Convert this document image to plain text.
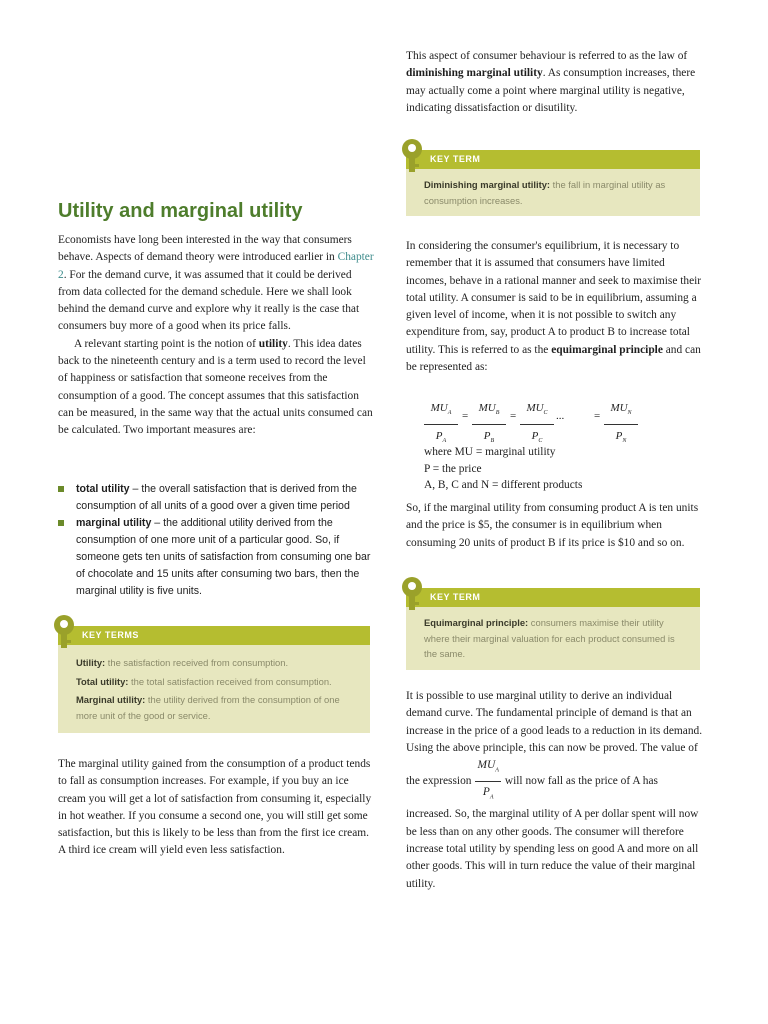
This aspect of consumer behaviour is referred to as the law of diminishing marginal utility. As consumption increases, there may actually come a point where marginal utility is negative, indicating dissatisfaction or disutility.

KEY TERM

Diminishing marginal utility: the fall in marginal utility as consumption increases.

Utility and marginal utility

Economists have long been interested in the way that consumers behave. Aspects of demand theory were introduced earlier in Chapter 2. For the demand curve, it was assumed that it could be derived from data collected for the demand schedule. Here we shall look behind the demand curve and explore why it really is the case that consumers buy more of a good when its price falls.

A relevant starting point is the notion of utility. This idea dates back to the nineteenth century and is a term used to record the level of happiness or satisfaction that someone receives from the consumption of a good. The concept assumes that this satisfaction can be measured, in the same way that the actual units consumed can be calculated. Two important measures are:

total utility – the overall satisfaction that is derived from the consumption of all units of a good over a given time period
marginal utility – the additional utility derived from the consumption of one more unit of a particular good. So, if someone gets ten units of satisfaction from consuming one bar of chocolate and 15 units after consuming two bars, then the marginal utility is five units.
KEY TERMS

Utility: the satisfaction received from consumption.

Total utility: the total satisfaction received from consumption.

Marginal utility: the utility derived from the consumption of one more unit of the good or service.

The marginal utility gained from the consumption of a product tends to fall as consumption increases. For example, if you buy an ice cream you will get a lot of satisfaction from consuming it, especially in hot weather. If you consume a second one, you will still get some satisfaction, but this is likely to be less than from the first ice cream. A third ice cream will yield even less satisfaction.

In considering the consumer's equilibrium, it is necessary to remember that it is assumed that consumers have limited incomes, behave in a rational manner and seek to maximise their total utility. A consumer is said to be in equilibrium, assuming a given level of income, when it is not possible to switch any expenditure from, say, product A to product B to increase total utility. This is referred to as the equimarginal principle and can be represented as:

$MU_A$
$P_A$
=
$MU_B$
$P_B$
=
$MU_C$
$P_C$
...	=
$MU_N$
$P_N$

where MU = marginal utility

P = the price

A, B, C and N = different products

So, if the marginal utility from consuming product A is ten units and the price is $5, the consumer is in equilibrium when consuming 20 units of product B if its price is $10 and so on.

KEY TERM

Equimarginal principle: consumers maximise their utility where their marginal valuation for each product consumed is the same.

It is possible to use marginal utility to derive an individual demand curve. The fundamental principle of demand is that an increase in the price of a good leads to a reduction in its demand. Using the above principle, this can now be proved. The value of the expression $\frac{MU_A}{P_A}$ will now fall as the price of A has increased. So, the marginal utility of A per dollar spent will now be less than on any other goods. The consumer will therefore increase total utility by spending less on good A and more on all other goods. This will in turn reduce the value of their marginal utility.
